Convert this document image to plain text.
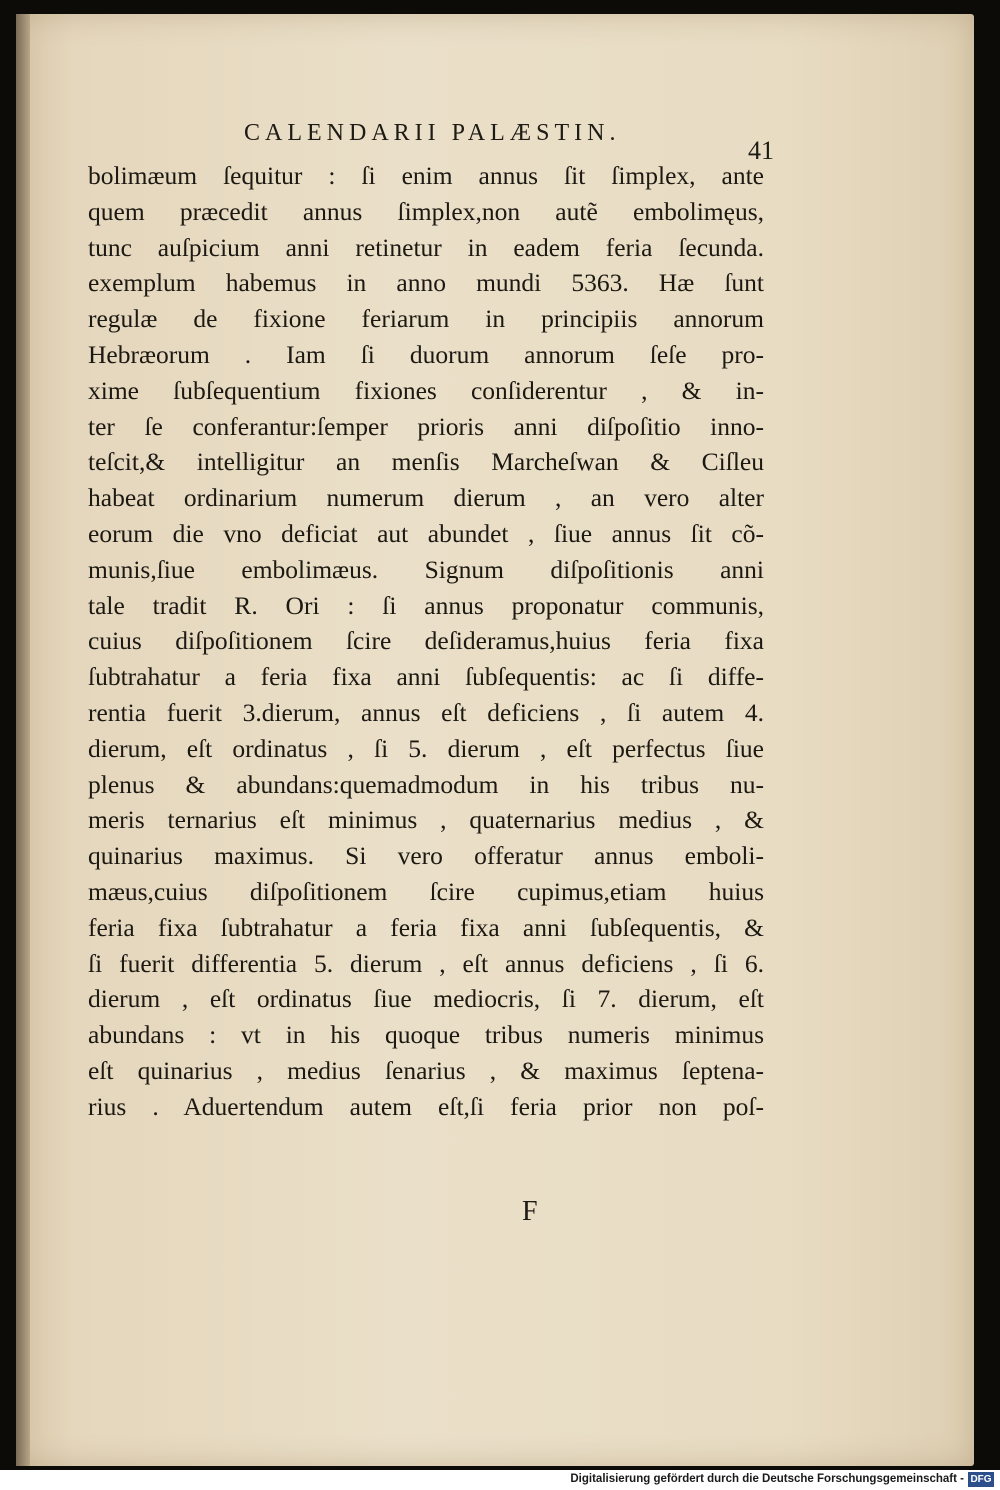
CALENDARII PALÆSTIN.
41
bolimæum ſequitur : ſi enim annus ſit ſimplex, ante
quem præcedit annus ſimplex,non autẽ embolimęus,
tunc auſpicium anni retinetur in eadem feria ſecunda.
exemplum habemus in anno mundi 5363. Hæ ſunt
regulæ de fixione feriarum in principiis annorum
Hebræorum . Iam ſi duorum annorum ſeſe pro-
xime ſubſequentium fixiones conſiderentur , & in-
ter ſe conferantur:ſemper prioris anni diſpoſitio inno-
teſcit,& intelligitur an menſis Marcheſwan & Ciſleu
habeat ordinarium numerum dierum , an vero alter
eorum die vno deficiat aut abundet , ſiue annus ſit cõ-
munis,ſiue embolimæus. Signum diſpoſitionis anni
tale tradit R. Ori : ſi annus proponatur communis,
cuius diſpoſitionem ſcire deſideramus,huius feria fixa
ſubtrahatur a feria fixa anni ſubſequentis: ac ſi diffe-
rentia fuerit 3.dierum, annus eſt deficiens , ſi autem 4.
dierum, eſt ordinatus , ſi 5. dierum , eſt perfectus ſiue
plenus & abundans:quemadmodum in his tribus nu-
meris ternarius eſt minimus , quaternarius medius , &
quinarius maximus. Si vero offeratur annus emboli-
mæus,cuius diſpoſitionem ſcire cupimus,etiam huius
feria fixa ſubtrahatur a feria fixa anni ſubſequentis, &
ſi fuerit differentia 5. dierum , eſt annus deficiens , ſi 6.
dierum , eſt ordinatus ſiue mediocris, ſi 7. dierum, eſt
abundans : vt in his quoque tribus numeris minimus
eſt quinarius , medius ſenarius , & maximus ſeptena-
rius . Aduertendum autem eſt,ſi feria prior non poſ-
F
Digitalisierung gefördert durch die Deutsche Forschungsgemeinschaft - DFG
